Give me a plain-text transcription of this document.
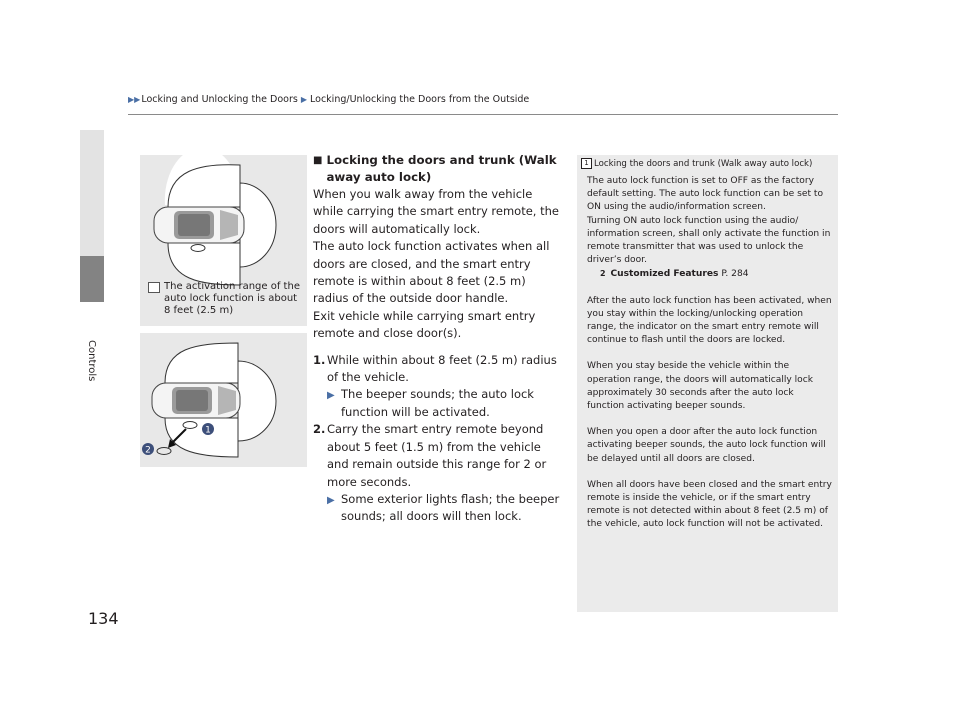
▶▶ Locking and Unlocking the Doors ▶ Locking/Unlocking the Doors from the Outside
Controls
The activation range of the auto lock function is about 8 feet (2.5 m)
1
2
■ Locking the doors and trunk (Walk away auto lock)

When you walk away from the vehicle while carrying the smart entry remote, the doors will automatically lock.

The auto lock function activates when all doors are closed, and the smart entry remote is within about 8 feet (2.5 m) radius of the outside door handle.

Exit vehicle while carrying smart entry remote and close door(s).

1. While within about 8 feet (2.5 m) radius of the vehicle.
▶ The beeper sounds; the auto lock function will be activated.
2. Carry the smart entry remote beyond about 5 feet (1.5 m) from the vehicle and remain outside this range for 2 or more seconds.
▶ Some exterior lights flash; the beeper sounds; all doors will then lock.
1 Locking the doors and trunk (Walk away auto lock)

The auto lock function is set to OFF as the factory default setting. The auto lock function can be set to ON using the audio/information screen.

Turning ON auto lock function using the audio/ information screen, shall only activate the function in remote transmitter that was used to unlock the driver’s door.

2 Customized Features P. 284

After the auto lock function has been activated, when you stay within the locking/unlocking operation range, the indicator on the smart entry remote will continue to flash until the doors are locked.

When you stay beside the vehicle within the operation range, the doors will automatically lock approximately 30 seconds after the auto lock function activating beeper sounds.

When you open a door after the auto lock function activating beeper sounds, the auto lock function will be delayed until all doors are closed.

When all doors have been closed and the smart entry remote is inside the vehicle, or if the smart entry remote is not detected within about 8 feet (2.5 m) of the vehicle, auto lock function will not be activated.

134
